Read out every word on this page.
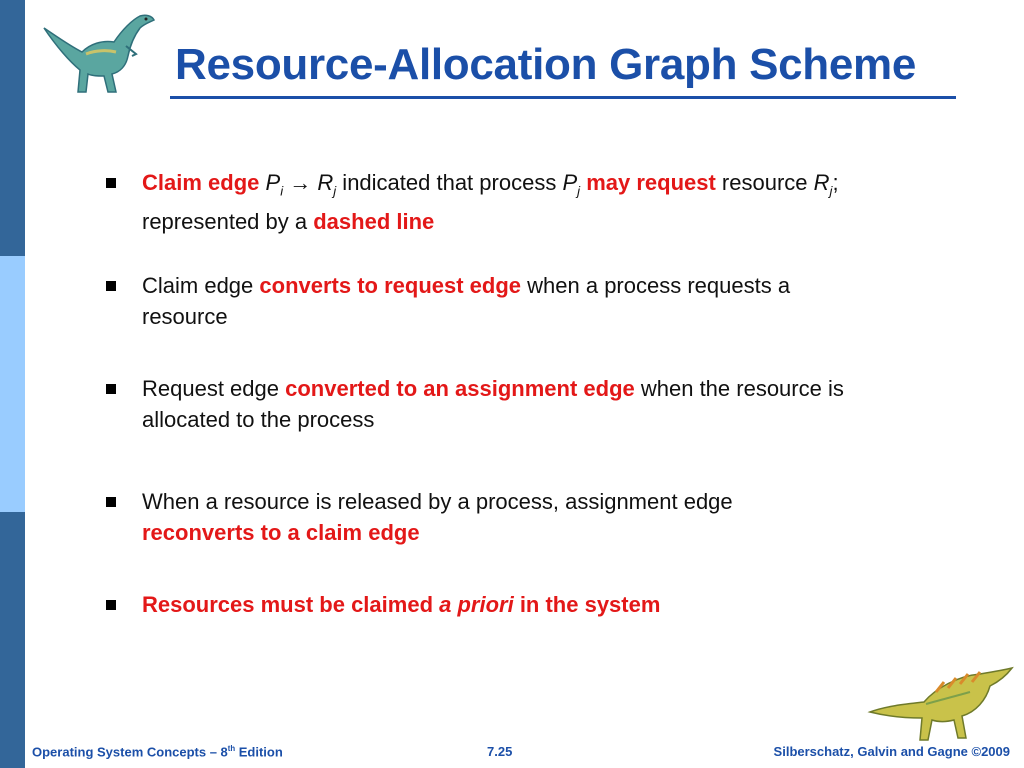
Resource-Allocation Graph Scheme
Claim edge $P_i \to R_j$ indicated that process $P_j$ may request resource $R_j$; represented by a dashed line
Claim edge converts to request edge when a process requests a resource
Request edge converted to an assignment edge when the resource is allocated to the process
When a resource is released by a process, assignment edge reconverts to a claim edge
Resources must be claimed a priori in the system
Operating System Concepts – 8th Edition	7.25	Silberschatz, Galvin and Gagne ©2009
